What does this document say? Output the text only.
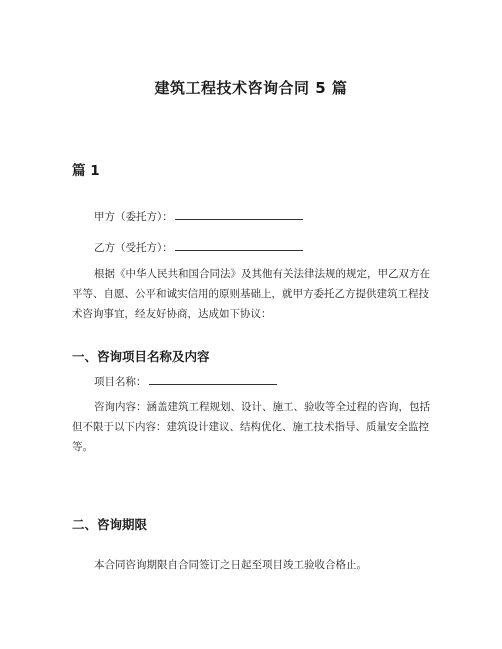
建筑工程技术咨询合同 5 篇
篇 1
甲方（委托方）：
乙方（受托方）：

根据《中华人民共和国合同法》及其他有关法律法规的规定，甲乙双方在平等、自愿、公平和诚实信用的原则基础上，就甲方委托乙方提供建筑工程技术咨询事宜，经友好协商，达成如下协议：

一、咨询项目名称及内容
项目名称：

咨询内容：涵盖建筑工程规划、设计、施工、验收等全过程的咨询，包括但不限于以下内容：建筑设计建议、结构优化、施工技术指导、质量安全监控等。

二、咨询期限

本合同咨询期限自合同签订之日起至项目竣工验收合格止。
